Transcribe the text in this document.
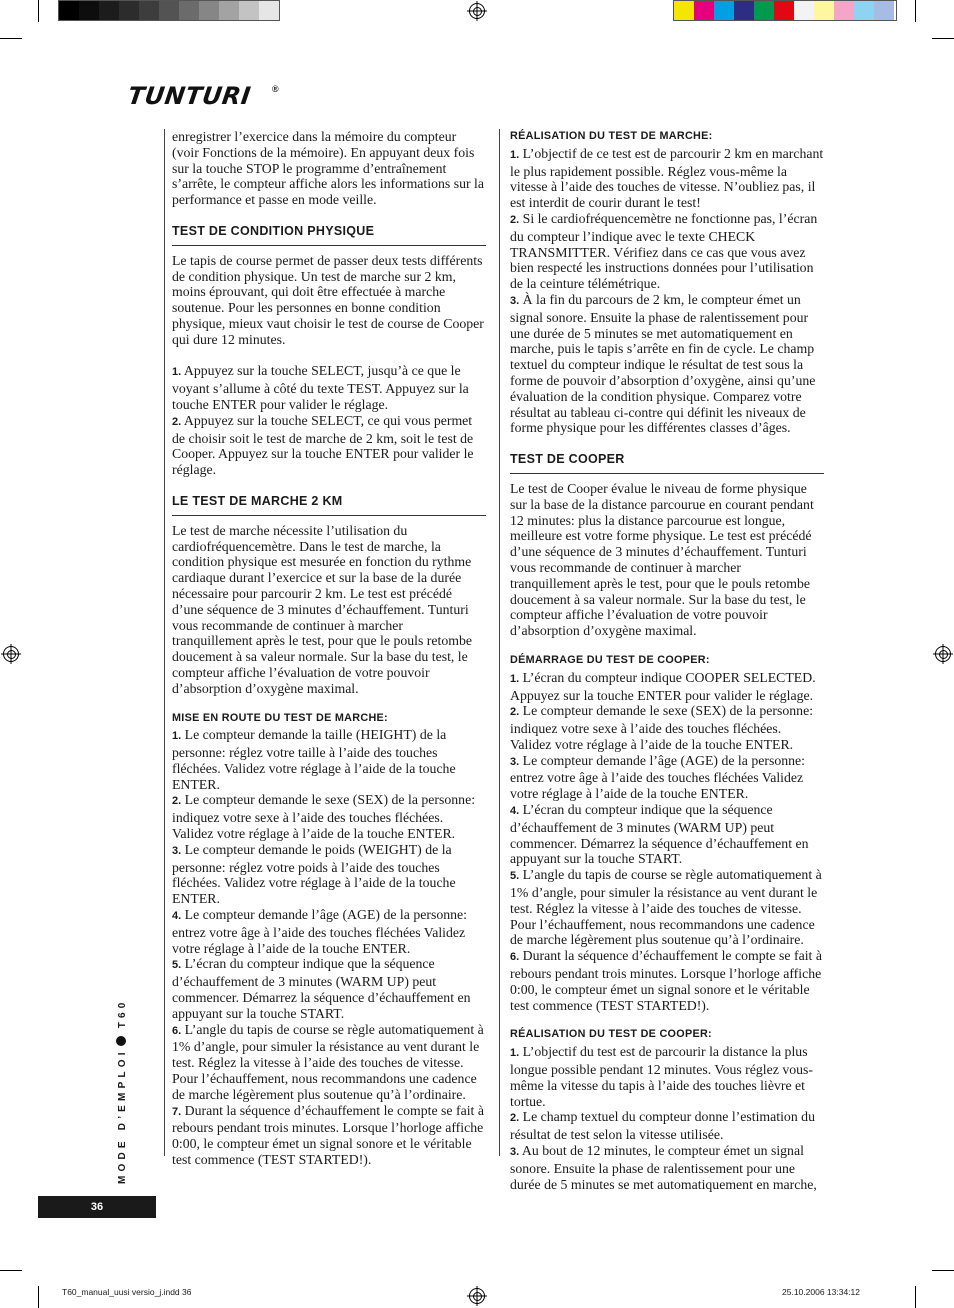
TUNTURI ®

enregistrer l’exercice dans la mémoire du compteur (voir Fonctions de la mémoire). En appuyant deux fois sur la touche STOP le programme d’entraînement s’arrête, le compteur affiche alors les informations sur la performance et passe en mode veille.

TEST DE CONDITION PHYSIQUE

Le tapis de course permet de passer deux tests différents de condition physique. Un test de marche sur 2 km, moins éprouvant, qui doit être effectuée à marche soutenue. Pour les personnes en bonne condition physique, mieux vaut choisir le test de course de Cooper qui dure 12 minutes.

1. Appuyez sur la touche SELECT, jusqu’à ce que le voyant s’allume à côté du texte TEST. Appuyez sur la touche ENTER pour valider le réglage.

2. Appuyez sur la touche SELECT, ce qui vous permet de choisir soit le test de marche de 2 km, soit le test de Cooper. Appuyez sur la touche ENTER pour valider le réglage.

LE TEST DE MARCHE 2 KM

Le test de marche nécessite l’utilisation du cardiofréquencemètre. Dans le test de marche, la condition physique est mesurée en fonction du rythme cardiaque durant l’exercice et sur la base de la durée nécessaire pour parcourir 2 km. Le test est précédé d’une séquence de 3 minutes d’échauffement. Tunturi vous recommande de continuer à marcher tranquillement après le test, pour que le pouls retombe doucement à sa valeur normale. Sur la base du test, le compteur affiche l’évaluation de votre pouvoir d’absorption d’oxygène maximal.

MISE EN ROUTE DU TEST DE MARCHE:

1. Le compteur demande la taille (HEIGHT) de la personne: réglez votre taille à l’aide des touches fléchées. Validez votre réglage à l’aide de la touche ENTER.

2. Le compteur demande le sexe (SEX) de la personne: indiquez votre sexe à l’aide des touches fléchées. Validez votre réglage à l’aide de la touche ENTER.

3. Le compteur demande le poids (WEIGHT) de la personne: réglez votre poids à l’aide des touches fléchées. Validez votre réglage à l’aide de la touche ENTER.

4. Le compteur demande l’âge (AGE) de la personne: entrez votre âge à l’aide des touches fléchées Validez votre réglage à l’aide de la touche ENTER.

5. L’écran du compteur indique que la séquence d’échauffement de 3 minutes (WARM UP) peut commencer. Démarrez la séquence d’échauffement en appuyant sur la touche START.

6. L’angle du tapis de course se règle automatiquement à 1% d’angle, pour simuler la résistance au vent durant le test. Réglez la vitesse à l’aide des touches de vitesse. Pour l’échauffement, nous recommandons une cadence de marche légèrement plus soutenue qu’à l’ordinaire.

7. Durant la séquence d’échauffement le compte se fait à rebours pendant trois minutes. Lorsque l’horloge affiche 0:00, le compteur émet un signal sonore et le véritable test commence (TEST STARTED!).

RÉALISATION DU TEST DE MARCHE:

1. L’objectif de ce test est de parcourir 2 km en marchant le plus rapidement possible. Réglez vous-même la vitesse à l’aide des touches de vitesse. N’oubliez pas, il est interdit de courir durant le test!

2. Si le cardiofréquencemètre ne fonctionne pas, l’écran du compteur l’indique avec le texte CHECK TRANSMITTER. Vérifiez dans ce cas que vous avez bien respecté les instructions données pour l’utilisation de la ceinture télémétrique.

3. À la fin du parcours de 2 km, le compteur émet un signal sonore. Ensuite la phase de ralentissement pour une durée de 5 minutes se met automatiquement en marche, puis le tapis s’arrête en fin de cycle. Le champ textuel du compteur indique le résultat de test sous la forme de pouvoir d’absorption d’oxygène, ainsi qu’une évaluation de la condition physique. Comparez votre résultat au tableau ci-contre qui définit les niveaux de forme physique pour les différentes classes d’âges.

TEST DE COOPER

Le test de Cooper évalue le niveau de forme physique sur la base de la distance parcourue en courant pendant 12 minutes: plus la distance parcourue est longue, meilleure est votre forme physique. Le test est précédé d’une séquence de 3 minutes d’échauffement. Tunturi vous recommande de continuer à marcher tranquillement après le test, pour que le pouls retombe doucement à sa valeur normale. Sur la base du test, le compteur affiche l’évaluation de votre pouvoir d’absorption d’oxygène maximal.

DÉMARRAGE DU TEST DE COOPER:

1. L’écran du compteur indique COOPER SELECTED. Appuyez sur la touche ENTER pour valider le réglage.

2. Le compteur demande le sexe (SEX) de la personne: indiquez votre sexe à l’aide des touches fléchées. Validez votre réglage à l’aide de la touche ENTER.

3. Le compteur demande l’âge (AGE) de la personne: entrez votre âge à l’aide des touches fléchées Validez votre réglage à l’aide de la touche ENTER.

4. L’écran du compteur indique que la séquence d’échauffement de 3 minutes (WARM UP) peut commencer. Démarrez la séquence d’échauffement en appuyant sur la touche START.

5. L’angle du tapis de course se règle automatiquement à 1% d’angle, pour simuler la résistance au vent durant le test. Réglez la vitesse à l’aide des touches de vitesse. Pour l’échauffement, nous recommandons une cadence de marche légèrement plus soutenue qu’à l’ordinaire.

6. Durant la séquence d’échauffement le compte se fait à rebours pendant trois minutes. Lorsque l’horloge affiche 0:00, le compteur émet un signal sonore et le véritable test commence (TEST STARTED!).

RÉALISATION DU TEST DE COOPER:

1. L’objectif du test est de parcourir la distance la plus longue possible pendant 12 minutes. Vous réglez vous-même la vitesse du tapis à l’aide des touches lièvre et tortue.

2. Le champ textuel du compteur donne l’estimation du résultat de test selon la vitesse utilisée.

3. Au bout de 12 minutes, le compteur émet un signal sonore. Ensuite la phase de ralentissement pour une durée de 5 minutes se met automatiquement en marche,

MODE D’EMPLOIT60
36
T60_manual_uusi versio_j.indd 36	25.10.2006 13:34:12
